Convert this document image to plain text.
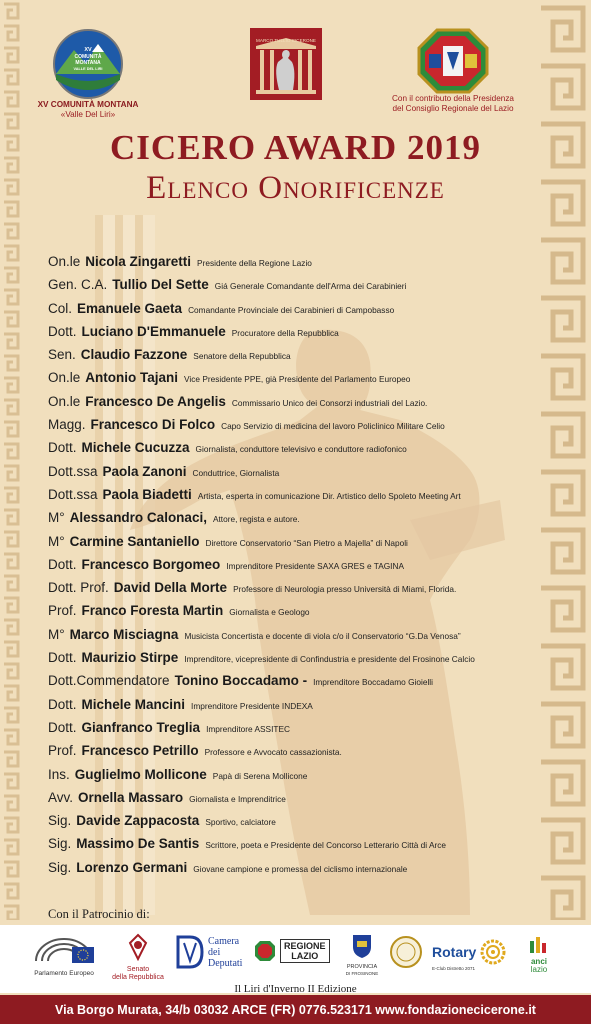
XV
COMUNITÀ
MONTANA
VALLE DEL LIRI
XV COMUNITÀ MONTANA
«Valle Del Liri»
MARCO TULLIO CICERONE
Con il contributo della Presidenza
del Consiglio Regionale del Lazio
CICERO AWARD 2019
Elenco Onorificenze
On.le Nicola Zingaretti Presidente della Regione Lazio
Gen. C.A. Tullio Del Sette Giá Generale Comandante dell'Arma dei Carabinieri
Col. Emanuele Gaeta Comandante Provinciale dei Carabinieri di Campobasso
Dott. Luciano D'Emmanuele Procuratore della Repubblica
Sen. Claudio Fazzone Senatore della Repubblica
On.le Antonio Tajani Vice Presidente PPE, già Presidente del Parlamento Europeo
On.le Francesco De Angelis Commissario Unico dei Consorzi industriali del Lazio.
Magg. Francesco Di Folco Capo Servizio di medicina del lavoro Policlinico Militare Celio
Dott. Michele Cucuzza Giornalista, conduttore televisivo e conduttore radiofonico
Dott.ssa Paola Zanoni Conduttrice, Giornalista
Dott.ssa Paola Biadetti Artista, esperta in comunicazione Dir. Artistico dello Spoleto Meeting Art
M° Alessandro Calonaci, Attore, regista e autore.
M° Carmine Santaniello Direttore Conservatorio “San Pietro a Majella” di Napoli
Dott. Francesco Borgomeo Imprenditore Presidente SAXA GRES e TAGINA
Dott. Prof. David Della Morte Professore di Neurologia presso Università di Miami, Florida.
Prof. Franco Foresta Martin Giornalista e Geologo
M° Marco Misciagna Musicista Concertista e docente di viola c/o il Conservatorio “G.Da Venosa”
Dott. Maurizio Stirpe Imprenditore, vicepresidente di Confindustria e presidente del Frosinone Calcio
Dott.Commendatore Tonino Boccadamo - Imprenditore Boccadamo Gioielli
Dott. Michele Mancini Imprenditore Presidente INDEXA
Dott. Gianfranco Treglia Imprenditore ASSITEC
Prof. Francesco Petrillo Professore e Avvocato cassazionista.
Ins. Guglielmo Mollicone Papà di Serena Mollicone
Avv. Ornella Massaro Giornalista e Imprenditrice
Sig. Davide Zappacosta Sportivo, calciatore
Sig. Massimo De Santis Scrittore, poeta e Presidente del Concorso Letterario Città di Arce
Sig. Lorenzo Germani Giovane campione e promessa del ciclismo internazionale
Con il Patrocinio di:
Parlamento Europeo
Senato
della Repubblica
Camera
dei
Deputati
REGIONE
LAZIO
PROVINCIA
DI FROSINONE
Rotary
E-Club Distretto 2071
anci
lazio
Il Liri d'Inverno II Edizione
Via Borgo Murata, 34/b 03032 ARCE (FR) 0776.523171 www.fondazionecicerone.it
